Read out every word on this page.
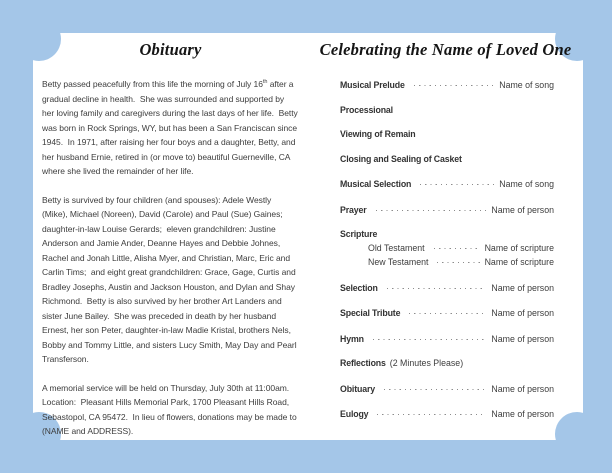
Obituary

Betty passed peacefully from this life the morning of July 16th after a gradual decline in health.  She was surrounded and supported by her loving family and caregivers during the last days of her life.  Betty was born in Rock Springs, WY, but has been a San Franciscan since 1945.  In 1971, after raising her four boys and a daughter, Betty, and her husband Ernie, retired in (or move to) beautiful Guerneville, CA where she lived the remainder of her life.

Betty is survived by four children (and spouses): Adele Westly (Mike), Michael (Noreen), David (Carole) and Paul (Sue) Gaines;  daughter-in-law Louise Gerards;  eleven grandchildren: Justine Anderson and Jamie Ander, Deanne Hayes and Debbie Johnes, Rachel and Jonah Little, Alisha Myer, and Christian, Marc, Eric and Carlin Tims;  and eight great grandchildren: Grace, Gage, Curtis and Bradley Josephs, Austin and Jackson Houston, and Dylan and Shay Richmond.  Betty is also survived by her brother Art Landers and sister June Bailey.  She was preceded in death by her husband Ernest, her son Peter, daughter-in-law Madie Kristal, brothers Nels, Bobby and Tommy Little, and sisters Lucy Smith, May Day and Pearl Transferson.

A memorial service will be held on Thursday, July 30th at 11:00am.  Location:  Pleasant Hills Memorial Park, 1700 Pleasant Hills Road, Sebastopol, CA 95472.  In lieu of flowers, donations may be made to (NAME and ADDRESS).

Celebrating the Name of Loved One
Musical Prelude	Name of song
Processional
Viewing of Remain
Closing and Sealing of Casket
Musical Selection	Name of song
Prayer	Name of person
Scripture
Old Testament	Name of scripture
New Testament	Name of scripture
Selection	Name of person
Special Tribute	Name of person
Hymn	Name of person
Reflections (2 Minutes Please)
Obituary	Name of person
Eulogy	Name of person
